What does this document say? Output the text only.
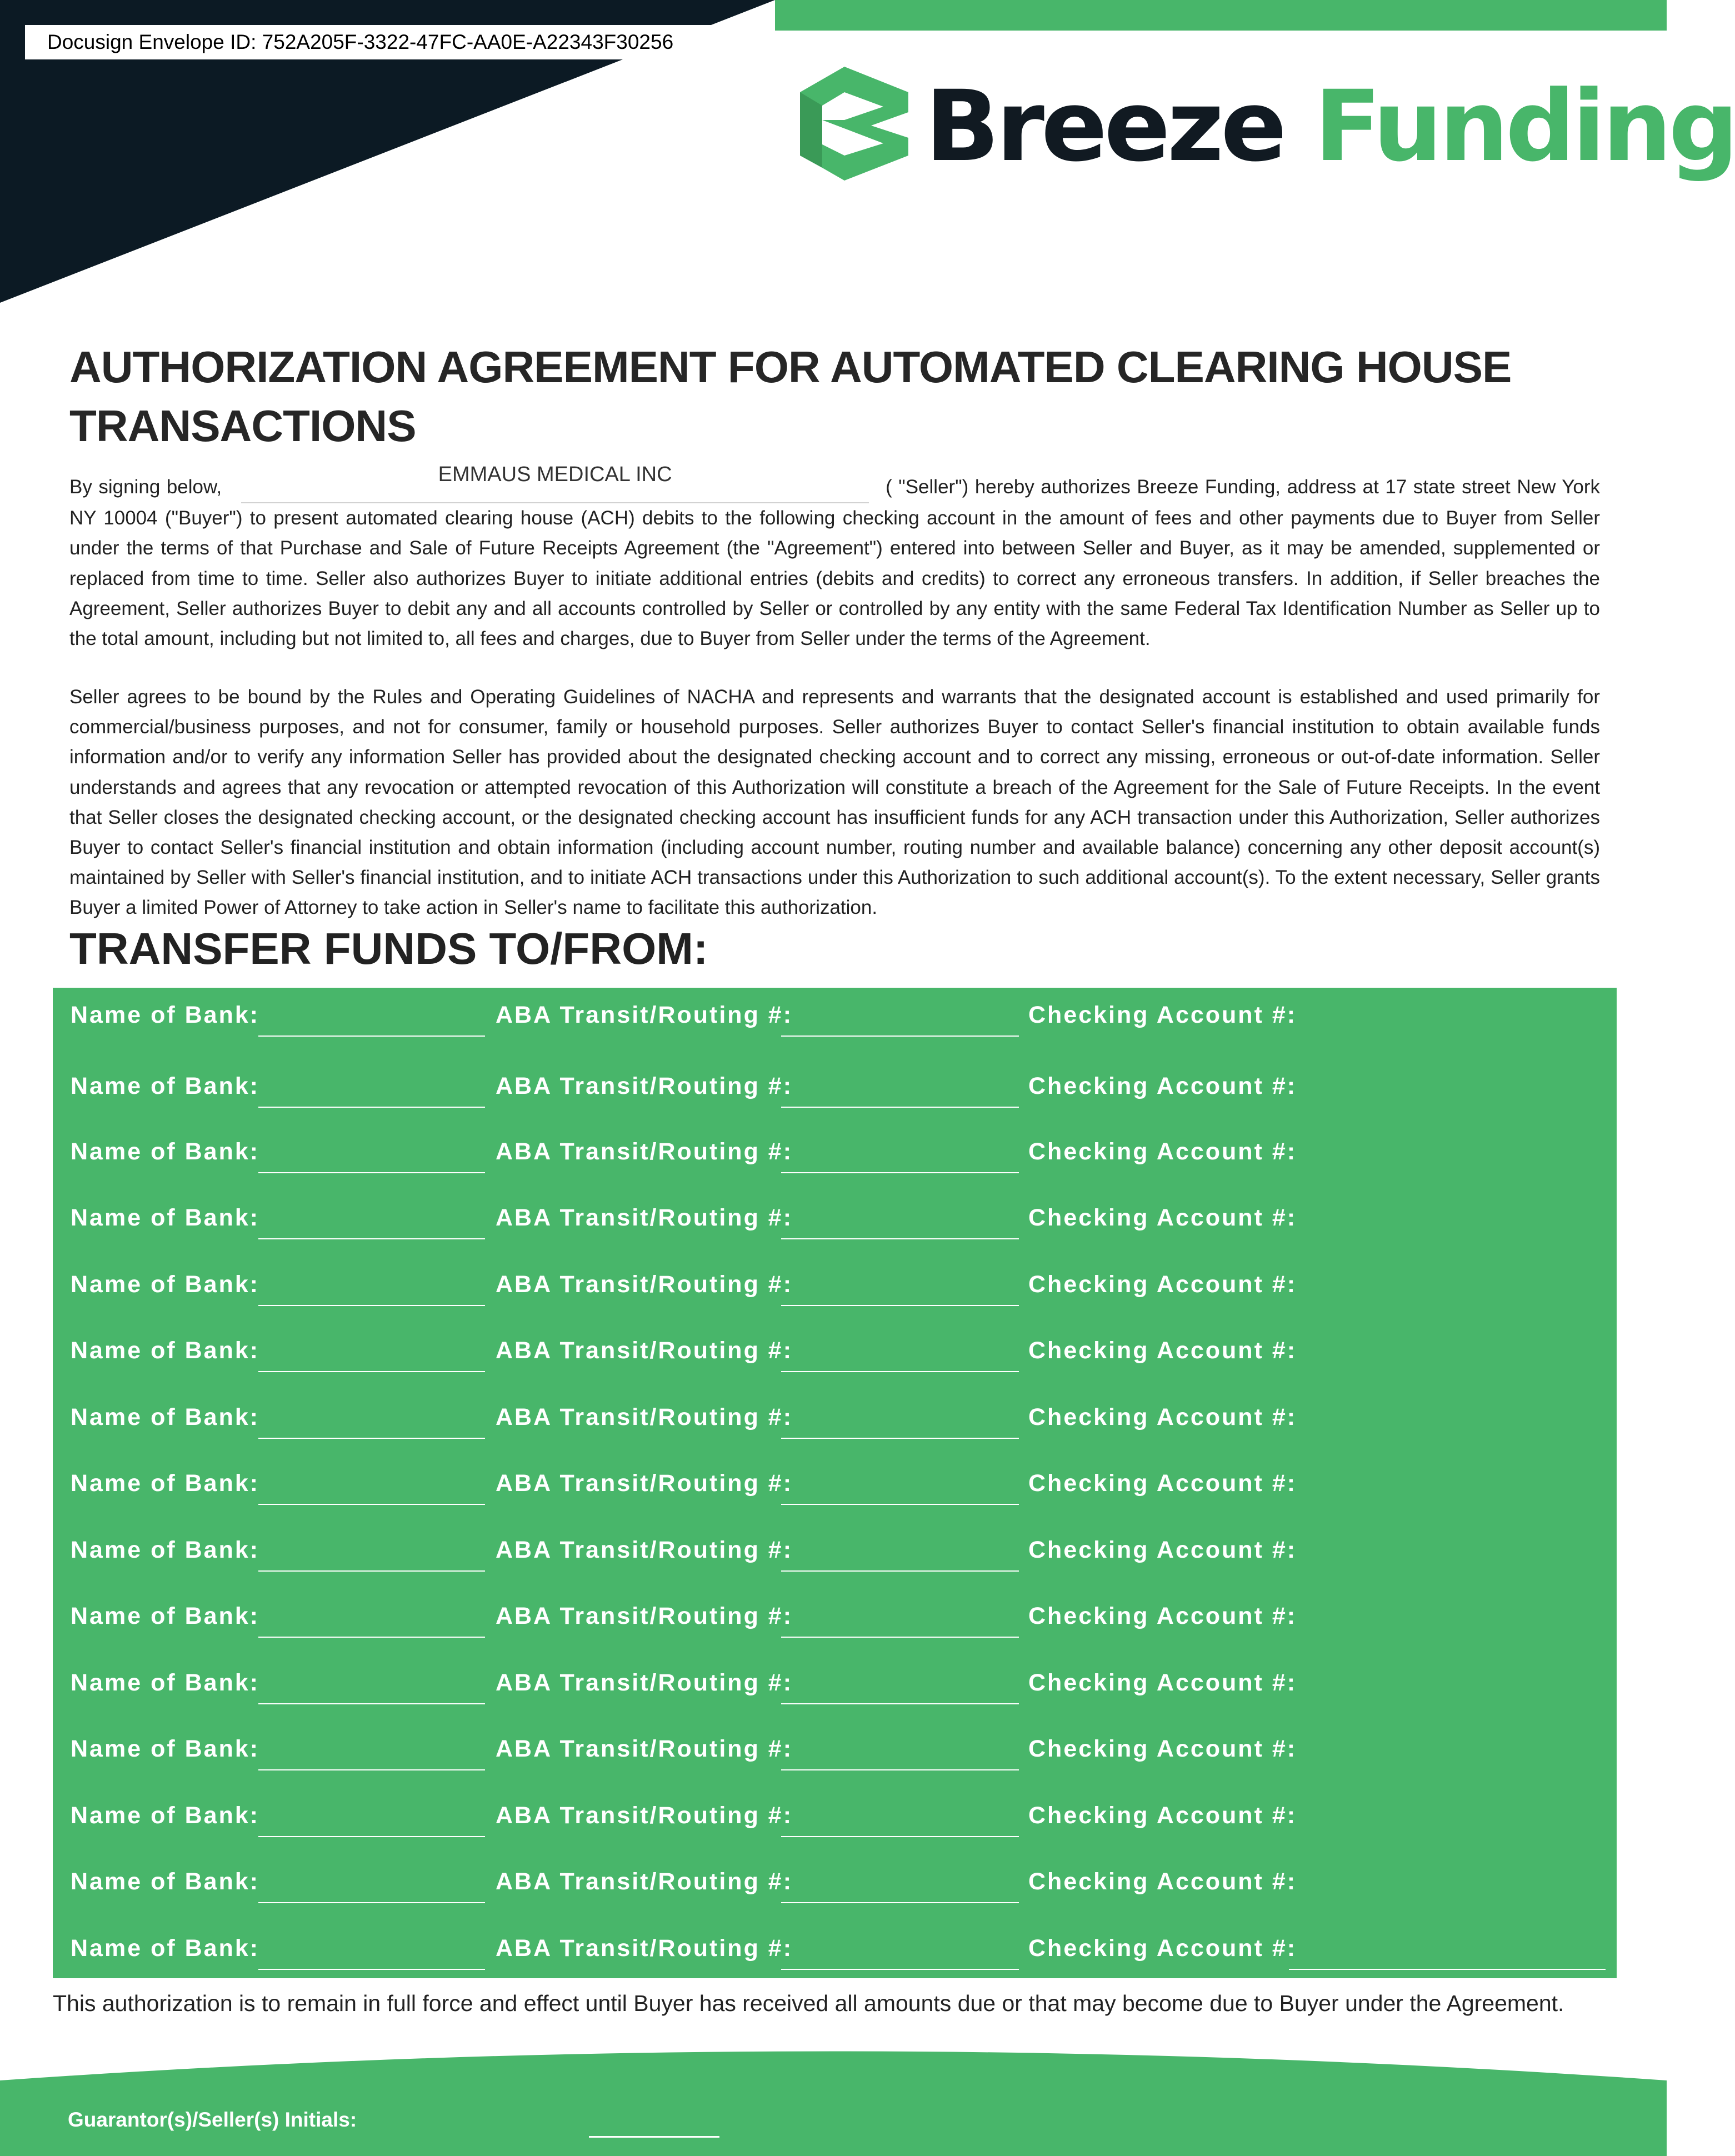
Docusign Envelope ID: 752A205F-3322-47FC-AA0E-A22343F30256
Breeze Funding
AUTHORIZATION AGREEMENT FOR AUTOMATED CLEARING HOUSE TRANSACTIONS

By signing below,EMMAUS MEDICAL INC( "Seller") hereby authorizes Breeze Funding, address at 17 state street New York NY 10004 ("Buyer") to present automated clearing house (ACH) debits to the following checking account in the amount of fees and other payments due to Buyer from Seller under the terms of that Purchase and Sale of Future Receipts Agreement (the "Agreement") entered into between Seller and Buyer, as it may be amended, supplemented or replaced from time to time. Seller also authorizes Buyer to initiate additional entries (debits and credits) to correct any erroneous transfers. In addition, if Seller breaches the Agreement, Seller authorizes Buyer to debit any and all accounts controlled by Seller or controlled by any entity with the same Federal Tax Identification Number as Seller up to the total amount, including but not limited to, all fees and charges, due to Buyer from Seller under the terms of the Agreement.

Seller agrees to be bound by the Rules and Operating Guidelines of NACHA and represents and warrants that the designated account is established and used primarily for commercial/business purposes, and not for consumer, family or household purposes. Seller authorizes Buyer to contact Seller's financial institution to obtain available funds information and/or to verify any information Seller has provided about the designated checking account and to correct any missing, erroneous or out-of-date information. Seller understands and agrees that any revocation or attempted revocation of this Authorization will constitute a breach of the Agreement for the Sale of Future Receipts. In the event that Seller closes the designated checking account, or the designated checking account has insufficient funds for any ACH transaction under this Authorization, Seller authorizes Buyer to contact Seller's financial institution and obtain information (including account number, routing number and available balance) concerning any other deposit account(s) maintained by Seller with Seller's financial institution, and to initiate ACH transactions under this Authorization to such additional account(s). To the extent necessary, Seller grants Buyer a limited Power of Attorney to take action in Seller's name to facilitate this authorization.

TRANSFER FUNDS TO/FROM:
Name of Bank:	ABA Transit/Routing #:	Checking Account #:
Name of Bank:	ABA Transit/Routing #:	Checking Account #:
Name of Bank:	ABA Transit/Routing #:	Checking Account #:
Name of Bank:	ABA Transit/Routing #:	Checking Account #:
Name of Bank:	ABA Transit/Routing #:	Checking Account #:
Name of Bank:	ABA Transit/Routing #:	Checking Account #:
Name of Bank:	ABA Transit/Routing #:	Checking Account #:
Name of Bank:	ABA Transit/Routing #:	Checking Account #:
Name of Bank:	ABA Transit/Routing #:	Checking Account #:
Name of Bank:	ABA Transit/Routing #:	Checking Account #:
Name of Bank:	ABA Transit/Routing #:	Checking Account #:
Name of Bank:	ABA Transit/Routing #:	Checking Account #:
Name of Bank:	ABA Transit/Routing #:	Checking Account #:
Name of Bank:	ABA Transit/Routing #:	Checking Account #:
Name of Bank:	ABA Transit/Routing #:	Checking Account #:

This authorization is to remain in full force and effect until Buyer has received all amounts due or that may become due to Buyer under the Agreement.

Guarantor(s)/Seller(s) Initials:
